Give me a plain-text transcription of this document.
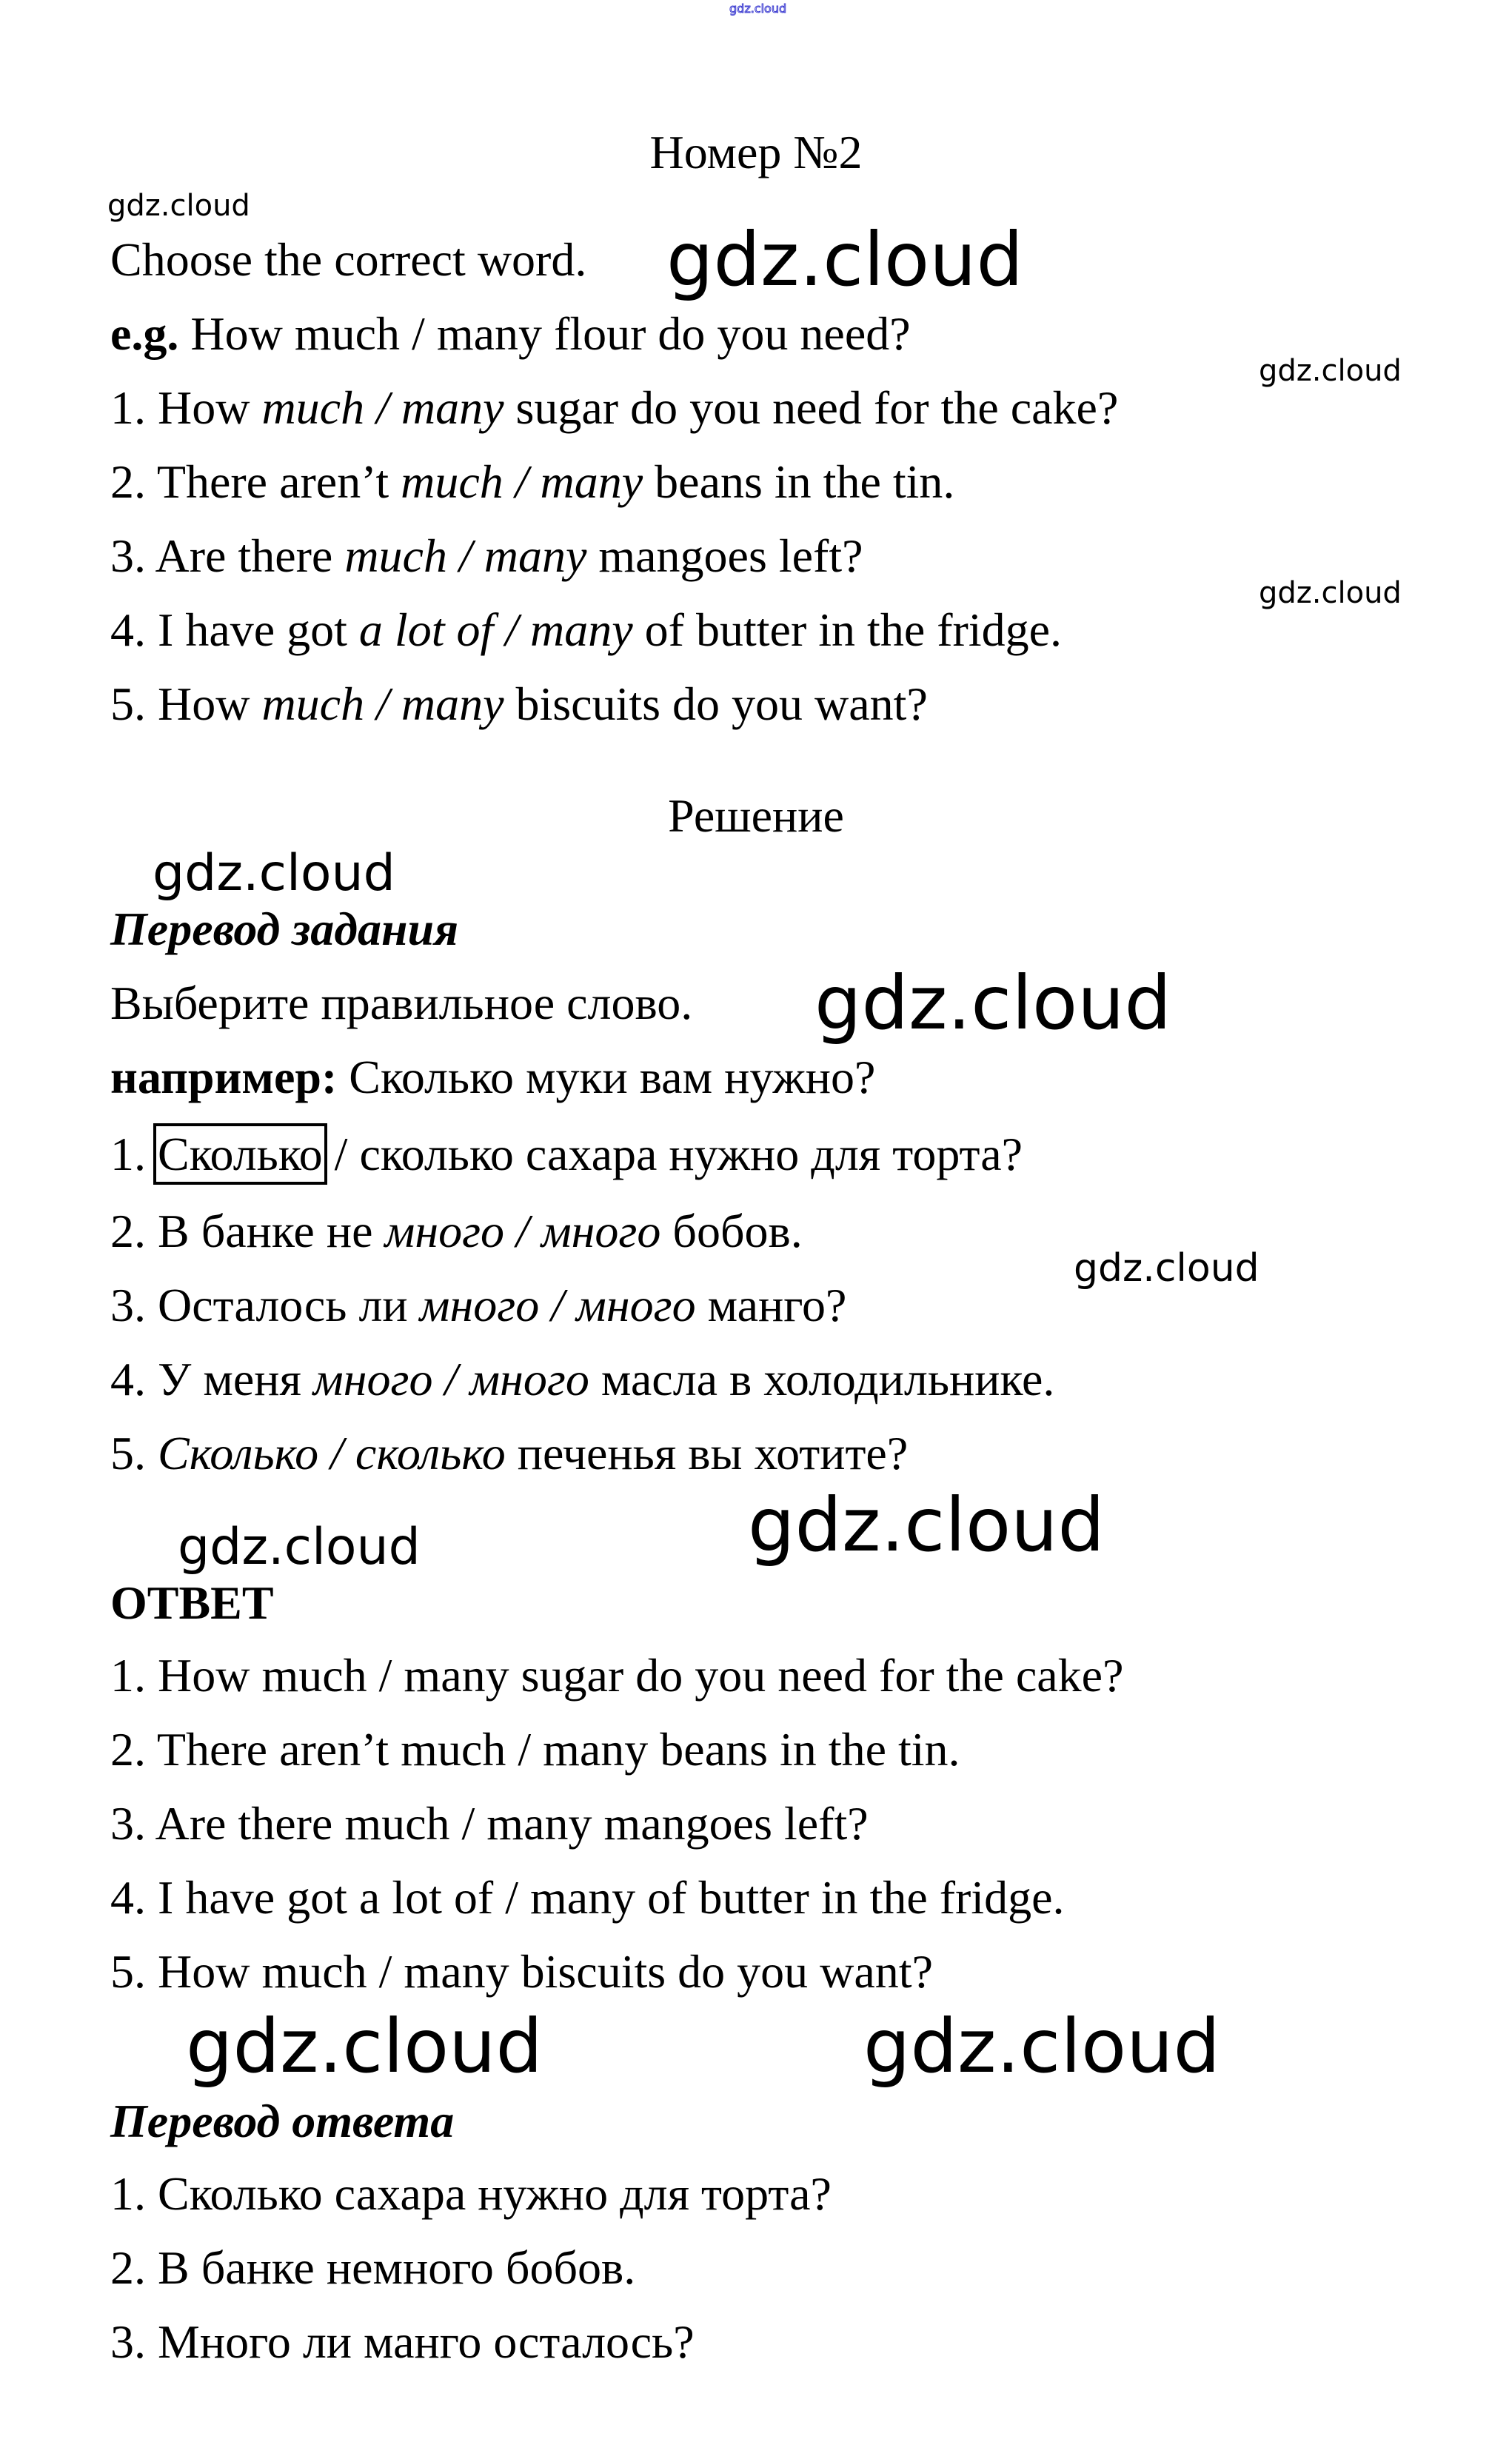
gdz.cloud
Номер №2
Choose the correct word.
e.g. How much / many flour do you need?
1. How much / many sugar do you need for the cake?
2. There aren’t much / many beans in the tin.
3. Are there much / many mangoes left?
4. I have got a lot of / many of butter in the fridge.
5. How much / many biscuits do you want?
Решение
Перевод задания
Выберите правильное слово.
например: Сколько муки вам нужно?
1. Сколько / сколько сахара нужно для торта?
2. В банке не много / много бобов.
3. Осталось ли много / много манго?
4. У меня много / много масла в холодильнике.
5. Сколько / сколько печенья вы хотите?
ОТВЕТ
1. How much / many sugar do you need for the cake?
2. There aren’t much / many beans in the tin.
3. Are there much / many mangoes left?
4. I have got a lot of / many of butter in the fridge.
5. How much / many biscuits do you want?
Перевод ответа
1. Сколько сахара нужно для торта?
2. В банке немного бобов.
3. Много ли манго осталось?
gdz.cloud
gdz.cloud
gdz.cloud
gdz.cloud
gdz.cloud
gdz.cloud
gdz.cloud
gdz.cloud
gdz.cloud
gdz.cloud	gdz.cloud
